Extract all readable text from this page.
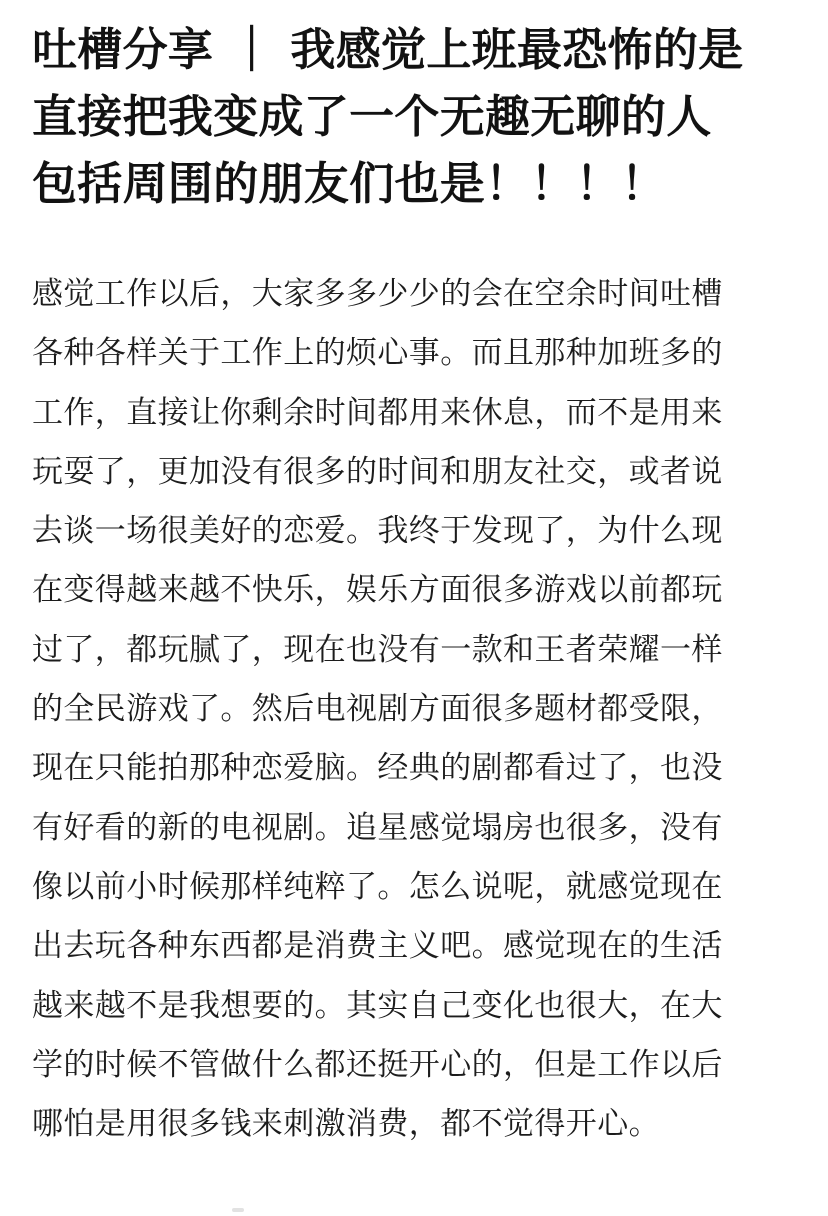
吐槽分享 ｜ 我感觉上班最恐怖的是
直接把我变成了一个无趣无聊的人
包括周围的朋友们也是！！！！
感觉工作以后，大家多多少少的会在空余时间吐槽
各种各样关于工作上的烦心事。而且那种加班多的
工作，直接让你剩余时间都用来休息，而不是用来
玩耍了，更加没有很多的时间和朋友社交，或者说
去谈一场很美好的恋爱。我终于发现了，为什么现
在变得越来越不快乐，娱乐方面很多游戏以前都玩
过了，都玩腻了，现在也没有一款和王者荣耀一样
的全民游戏了。然后电视剧方面很多题材都受限，
现在只能拍那种恋爱脑。经典的剧都看过了，也没
有好看的新的电视剧。追星感觉塌房也很多，没有
像以前小时候那样纯粹了。怎么说呢，就感觉现在
出去玩各种东西都是消费主义吧。感觉现在的生活
越来越不是我想要的。其实自己变化也很大，在大
学的时候不管做什么都还挺开心的，但是工作以后
哪怕是用很多钱来刺激消费，都不觉得开心。
